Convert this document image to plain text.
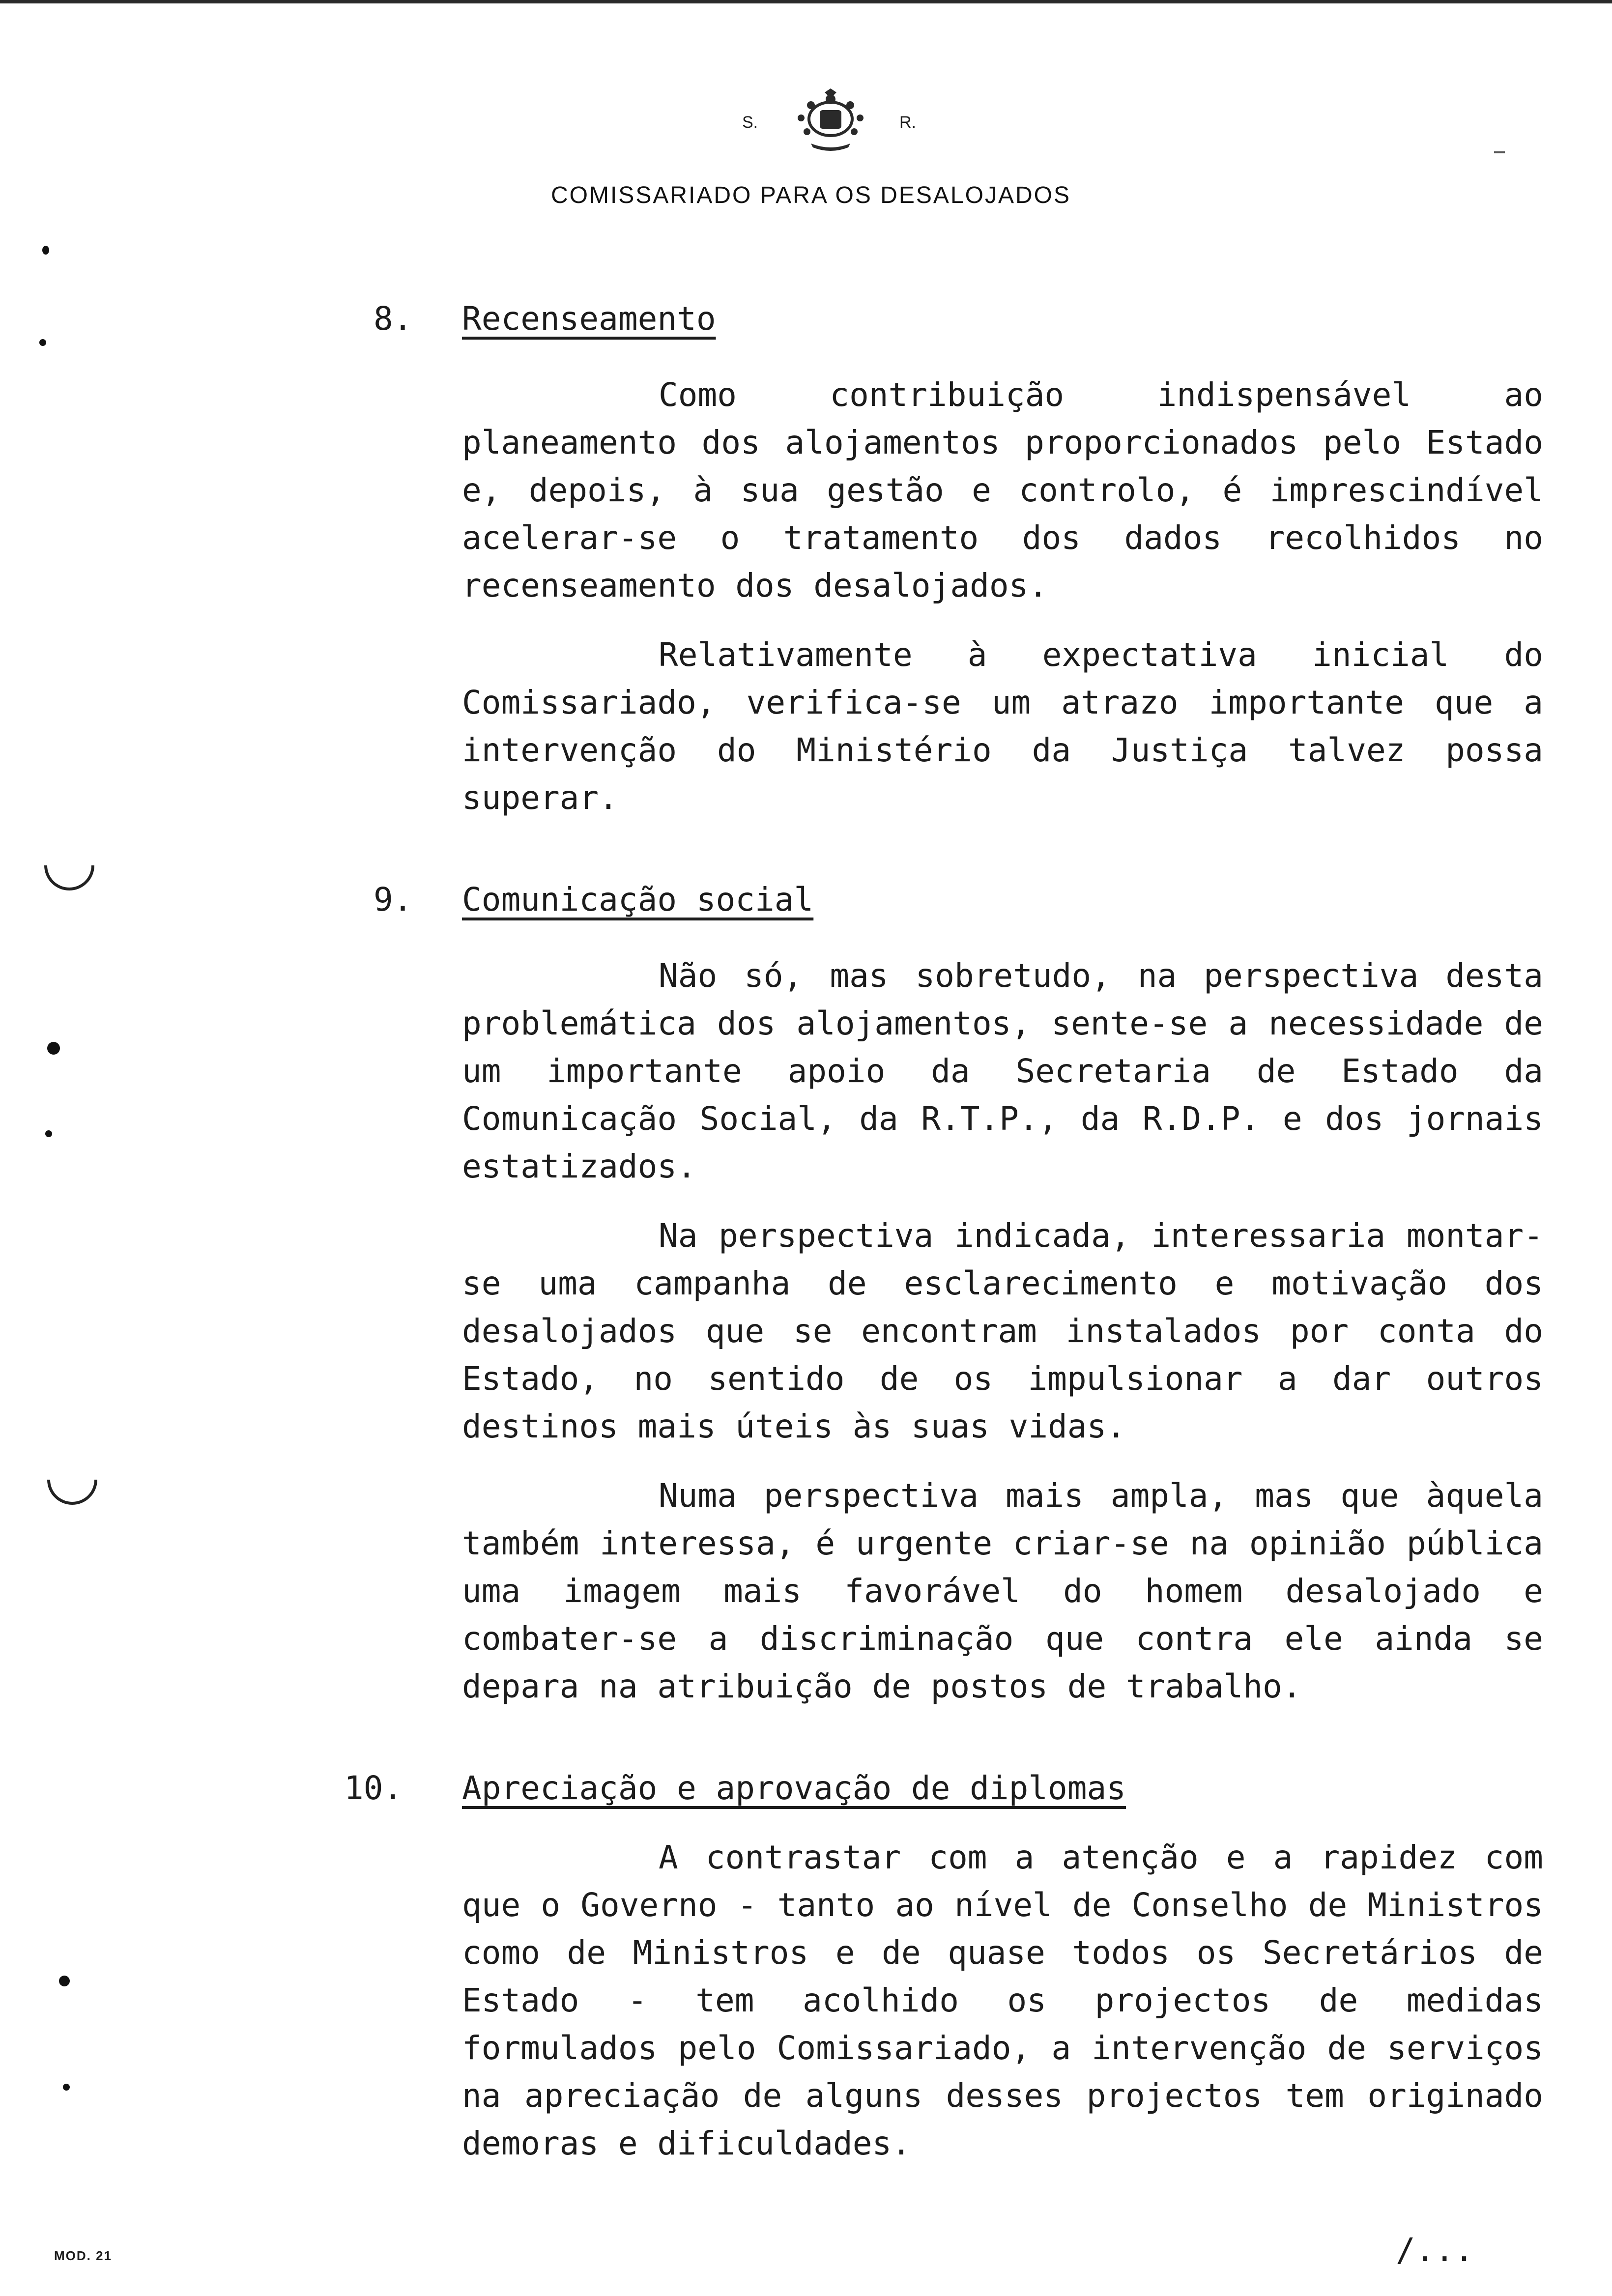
S.	R.
COMISSARIADO PARA OS DESALOJADOS
8. Recenseamento

Como contribuição indispensável ao planeamento dos alojamentos proporcionados pelo Estado e, depois, à sua gestão e controlo, é imprescindível acelerar-se o tratamento dos dados recolhidos no recenseamento dos desalojados.

Relativamente à expectativa inicial do Comissariado, verifica-se um atrazo importante que a intervenção do Ministério da Justiça talvez possa superar.

9. Comunicação social

Não só, mas sobretudo, na perspectiva desta problemática dos alojamentos, sente-se a necessidade de um importante apoio da Secretaria de Estado da Comunicação Social, da R.T.P., da R.D.P. e dos jornais estatizados.

Na perspectiva indicada, interessaria montar-se uma campanha de esclarecimento e motivação dos desalojados que se encontram instalados por conta do Estado, no sentido de os impulsionar a dar outros destinos mais úteis às suas vidas.

Numa perspectiva mais ampla, mas que àquela também interessa, é urgente criar-se na opinião pública uma imagem mais favorável do homem desalojado e combater-se a discriminação que contra ele ainda se depara na atribuição de postos de trabalho.

10. Apreciação e aprovação de diplomas

A contrastar com a atenção e a rapidez com que o Governo - tanto ao nível de Conselho de Ministros como de Ministros e de quase todos os Secretários de Estado - tem acolhido os projectos de medidas formulados pelo Comissariado, a intervenção de serviços na apreciação de alguns desses projectos tem originado demoras e dificuldades.

MOD. 21	/...
